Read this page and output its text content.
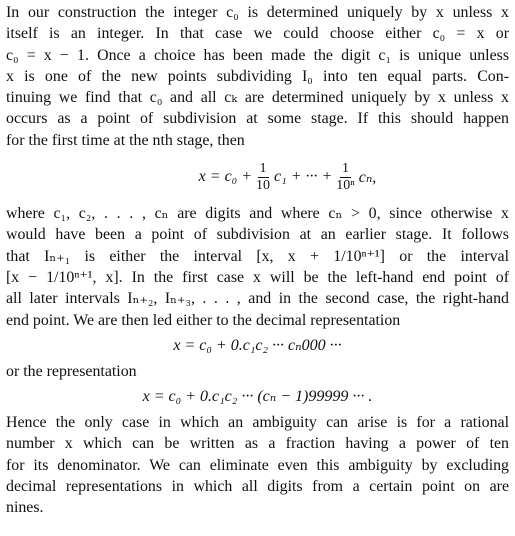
In our construction the integer c₀ is determined uniquely by x unless x
itself is an integer. In that case we could choose either c₀ = x or
c₀ = x − 1. Once a choice has been made the digit c₁ is unique unless
x is one of the new points subdividing I₀ into ten equal parts. Con-
tinuing we find that c₀ and all cₖ are determined uniquely by x unless x
occurs as a point of subdivision at some stage. If this should happen
for the first time at the nth stage, then

$x = c_0 + \frac{1}{10} c_1$ + ··· + $\frac{1}{\text{10ⁿ}} c_n$,

where c₁, c₂, . . . , cₙ are digits and where cₙ > 0, since otherwise x
would have been a point of subdivision at an earlier stage. It follows
that Iₙ₊₁ is either the interval [x, x + 1/10ⁿ⁺¹] or the interval
[x − 1/10ⁿ⁺¹, x]. In the first case x will be the left-hand end point of
all later intervals Iₙ₊₂, Iₙ₊₃, . . . , and in the second case, the right-hand
end point. We are then led either to the decimal representation

x = c₀ + 0.c₁c₂ ··· cₙ000 ···

or the representation

x = c₀ + 0.c₁c₂ ··· (cₙ − 1)99999 ··· .

Hence the only case in which an ambiguity can arise is for a rational
number x which can be written as a fraction having a power of ten
for its denominator. We can eliminate even this ambiguity by excluding
decimal representations in which all digits from a certain point on are
nines.
